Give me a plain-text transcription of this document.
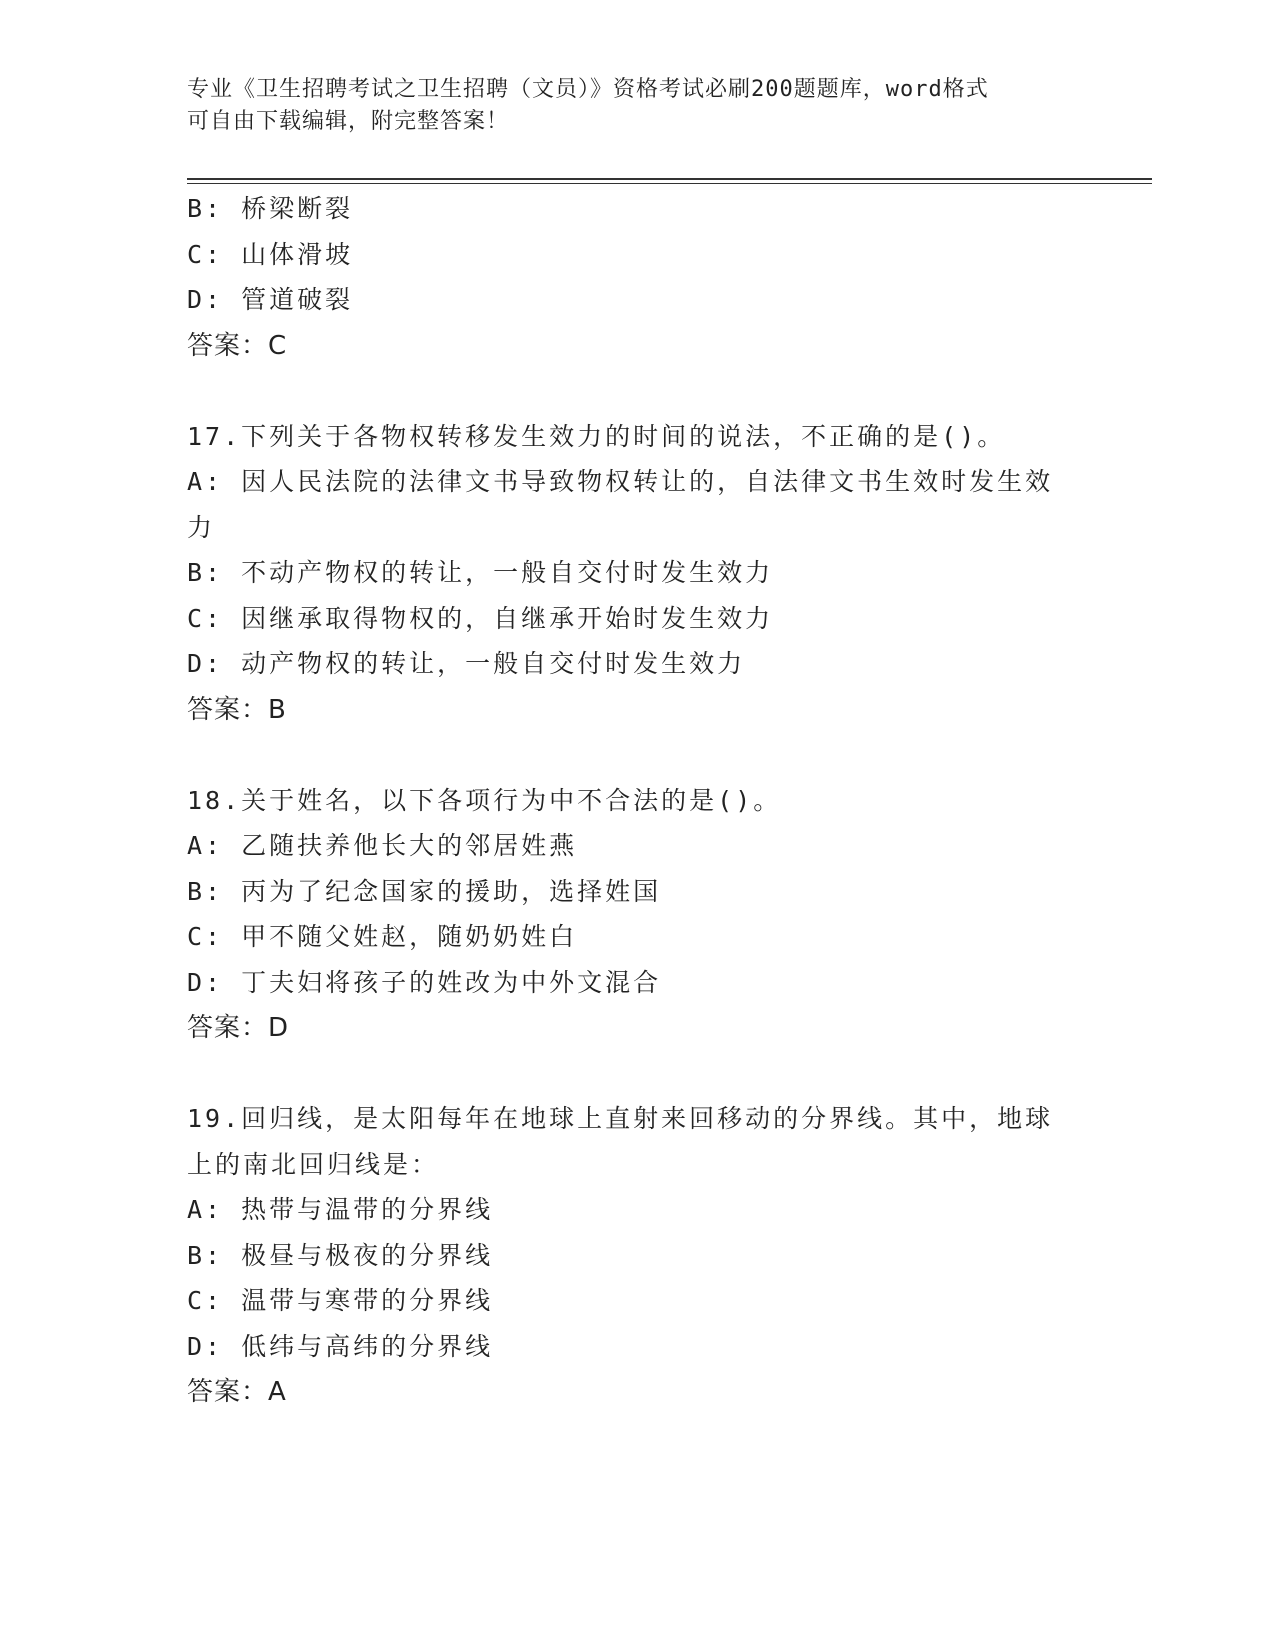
专业《卫生招聘考试之卫生招聘（文员）》资格考试必刷200题题库，word格式
可自由下载编辑，附完整答案！
B: 桥梁断裂
C: 山体滑坡
D: 管道破裂
答案：C
17.下列关于各物权转移发生效力的时间的说法，不正确的是()。
A: 因人民法院的法律文书导致物权转让的，自法律文书生效时发生效
力
B: 不动产物权的转让，一般自交付时发生效力
C: 因继承取得物权的，自继承开始时发生效力
D: 动产物权的转让，一般自交付时发生效力
答案：B
18.关于姓名，以下各项行为中不合法的是()。
A: 乙随扶养他长大的邻居姓燕
B: 丙为了纪念国家的援助，选择姓国
C: 甲不随父姓赵，随奶奶姓白
D: 丁夫妇将孩子的姓改为中外文混合
答案：D
19.回归线，是太阳每年在地球上直射来回移动的分界线。其中，地球
上的南北回归线是：
A: 热带与温带的分界线
B: 极昼与极夜的分界线
C: 温带与寒带的分界线
D: 低纬与高纬的分界线
答案：A
